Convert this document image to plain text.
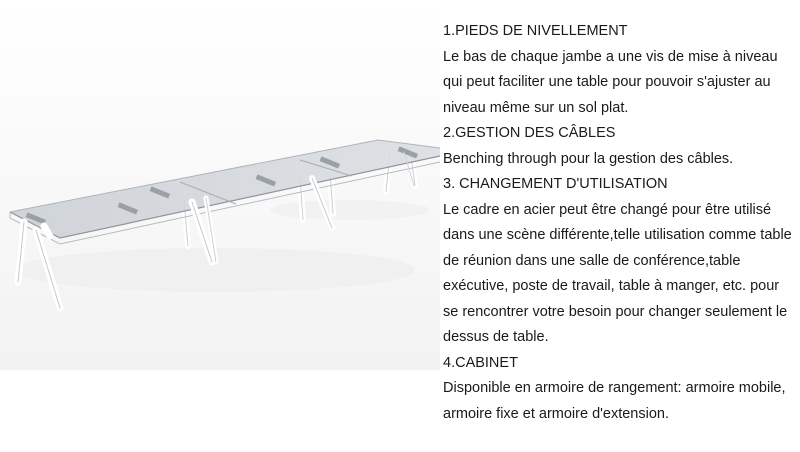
1.PIEDS DE NIVELLEMENT

Le bas de chaque jambe a une vis de mise à niveau

qui peut faciliter une table pour pouvoir s'ajuster au

niveau même sur un sol plat.

2.GESTION DES CÂBLES

Benching through pour la gestion des câbles.

3. CHANGEMENT D'UTILISATION

Le cadre en acier peut être changé pour être utilisé

dans une scène différente,telle utilisation comme table

de réunion dans une salle de conférence,table

exécutive, poste de travail, table à manger, etc. pour

se rencontrer votre besoin pour changer seulement le

dessus de table.

4.CABINET

Disponible en armoire de rangement: armoire mobile,

armoire fixe et armoire d'extension.
